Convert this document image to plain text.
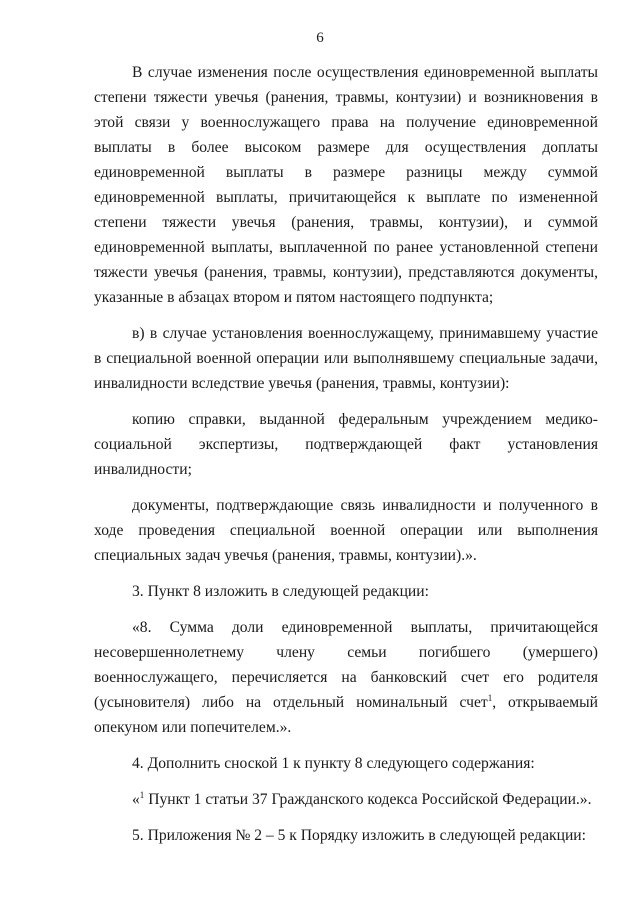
6

В случае изменения после осуществления единовременной выплаты степени тяжести увечья (ранения, травмы, контузии) и возникновения в этой связи у военнослужащего права на получение единовременной выплаты в более высоком размере для осуществления доплаты единовременной выплаты в размере разницы между суммой единовременной выплаты, причитающейся к выплате по измененной степени тяжести увечья (ранения, травмы, контузии), и суммой единовременной выплаты, выплаченной по ранее установленной степени тяжести увечья (ранения, травмы, контузии), представляются документы, указанные в абзацах втором и пятом настоящего подпункта;

в) в случае установления военнослужащему, принимавшему участие в специальной военной операции или выполнявшему специальные задачи, инвалидности вследствие увечья (ранения, травмы, контузии):

копию справки, выданной федеральным учреждением медико-социальной экспертизы, подтверждающей факт установления инвалидности;

документы, подтверждающие связь инвалидности и полученного в ходе проведения специальной военной операции или выполнения специальных задач увечья (ранения, травмы, контузии).».

3. Пункт 8 изложить в следующей редакции:

«8. Сумма доли единовременной выплаты, причитающейся несовершеннолетнему члену семьи погибшего (умершего) военнослужащего, перечисляется на банковский счет его родителя (усыновителя) либо на отдельный номинальный счет$^1$, открываемый опекуном или попечителем.».

4. Дополнить сноской 1 к пункту 8 следующего содержания:

«$^1$ Пункт 1 статьи 37 Гражданского кодекса Российской Федерации.».

5. Приложения № 2 – 5 к Порядку изложить в следующей редакции:
